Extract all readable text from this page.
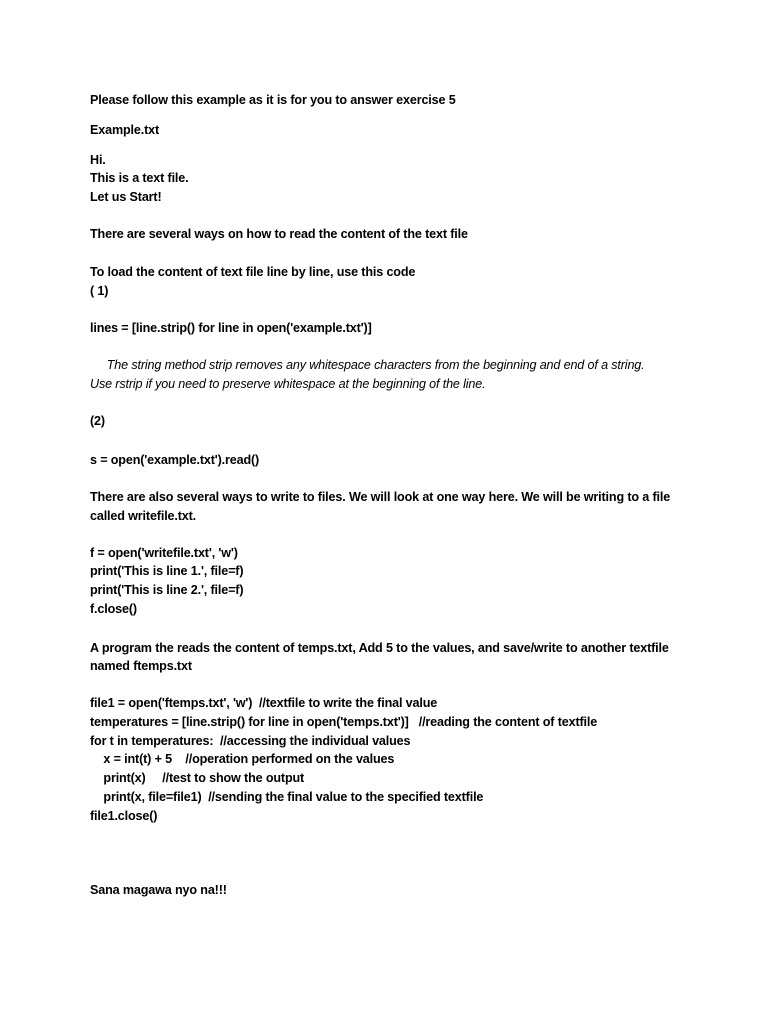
Please follow this example as it is for you to answer exercise 5
Example.txt
Hi.
This is a text file.
Let us Start!
There are several ways on how to read the content of the text file
To load the content of text file line by line, use this code
( 1)
lines = [line.strip() for line in open('example.txt')]
The string method strip removes any whitespace characters from the beginning and end of a string.
Use rstrip if you need to preserve whitespace at the beginning of the line.
(2)
s = open('example.txt').read()
There are also several ways to write to files. We will look at one way here. We will be writing to a file
called writefile.txt.
f = open('writefile.txt', 'w')
print('This is line 1.', file=f)
print('This is line 2.', file=f)
f.close()
A program the reads the content of temps.txt, Add 5 to the values, and save/write to another textfile
named ftemps.txt
file1 = open('ftemps.txt', 'w')  //textfile to write the final value
temperatures = [line.strip() for line in open('temps.txt')]   //reading the content of textfile
for t in temperatures:  //accessing the individual values
x = int(t) + 5    //operation performed on the values
print(x)     //test to show the output
print(x, file=file1)  //sending the final value to the specified textfile
file1.close()
Sana magawa nyo na!!!
